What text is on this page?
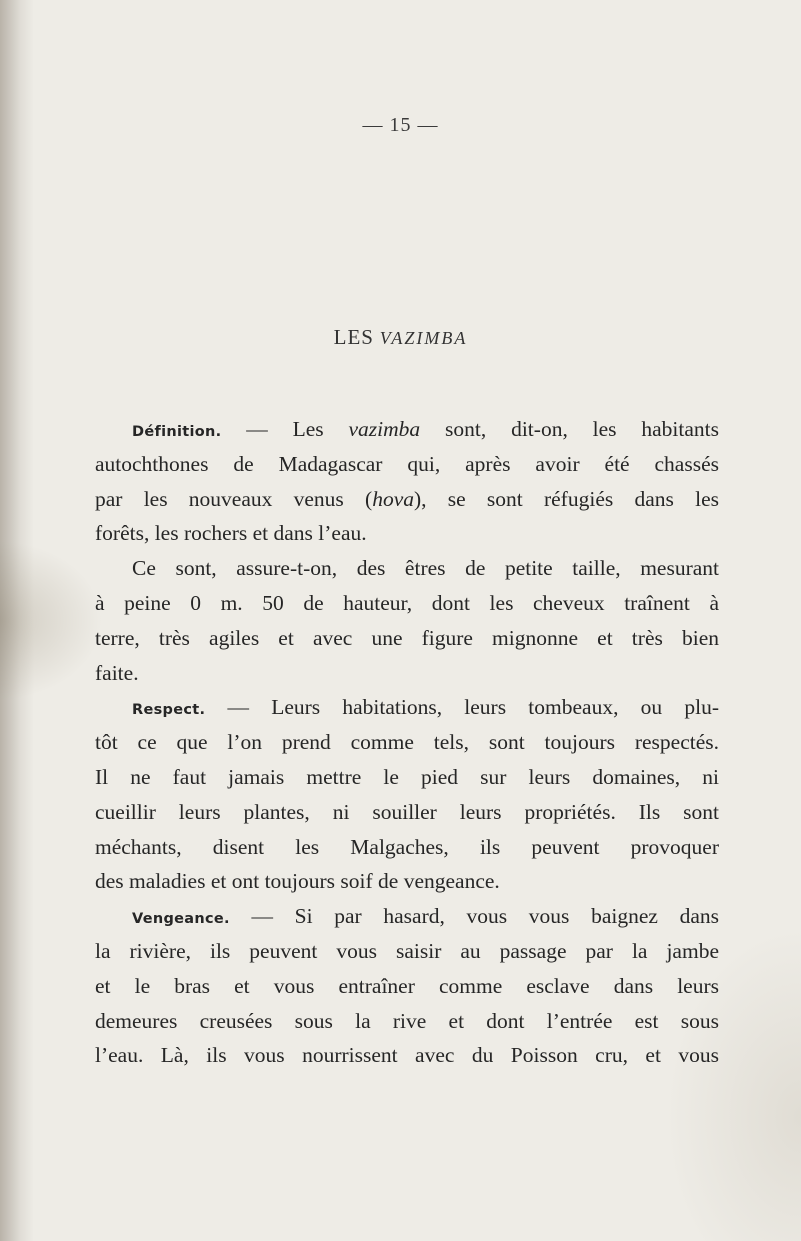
— 15 —
LES VAZIMBA
Définition. — Les vazimba sont, dit-on, les habitants
autochthones de Madagascar qui, après avoir été chassés
par les nouveaux venus (hova), se sont réfugiés dans les
forêts, les rochers et dans l’eau.
Ce sont, assure-t-on, des êtres de petite taille, mesurant
à peine 0 m. 50 de hauteur, dont les cheveux traînent à
terre, très agiles et avec une figure mignonne et très bien
faite.
Respect. — Leurs habitations, leurs tombeaux, ou plu-
tôt ce que l’on prend comme tels, sont toujours respectés.
Il ne faut jamais mettre le pied sur leurs domaines, ni
cueillir leurs plantes, ni souiller leurs propriétés. Ils sont
méchants, disent les Malgaches, ils peuvent provoquer
des maladies et ont toujours soif de vengeance.
Vengeance. — Si par hasard, vous vous baignez dans
la rivière, ils peuvent vous saisir au passage par la jambe
et le bras et vous entraîner comme esclave dans leurs
demeures creusées sous la rive et dont l’entrée est sous
l’eau. Là, ils vous nourrissent avec du Poisson cru, et vous
